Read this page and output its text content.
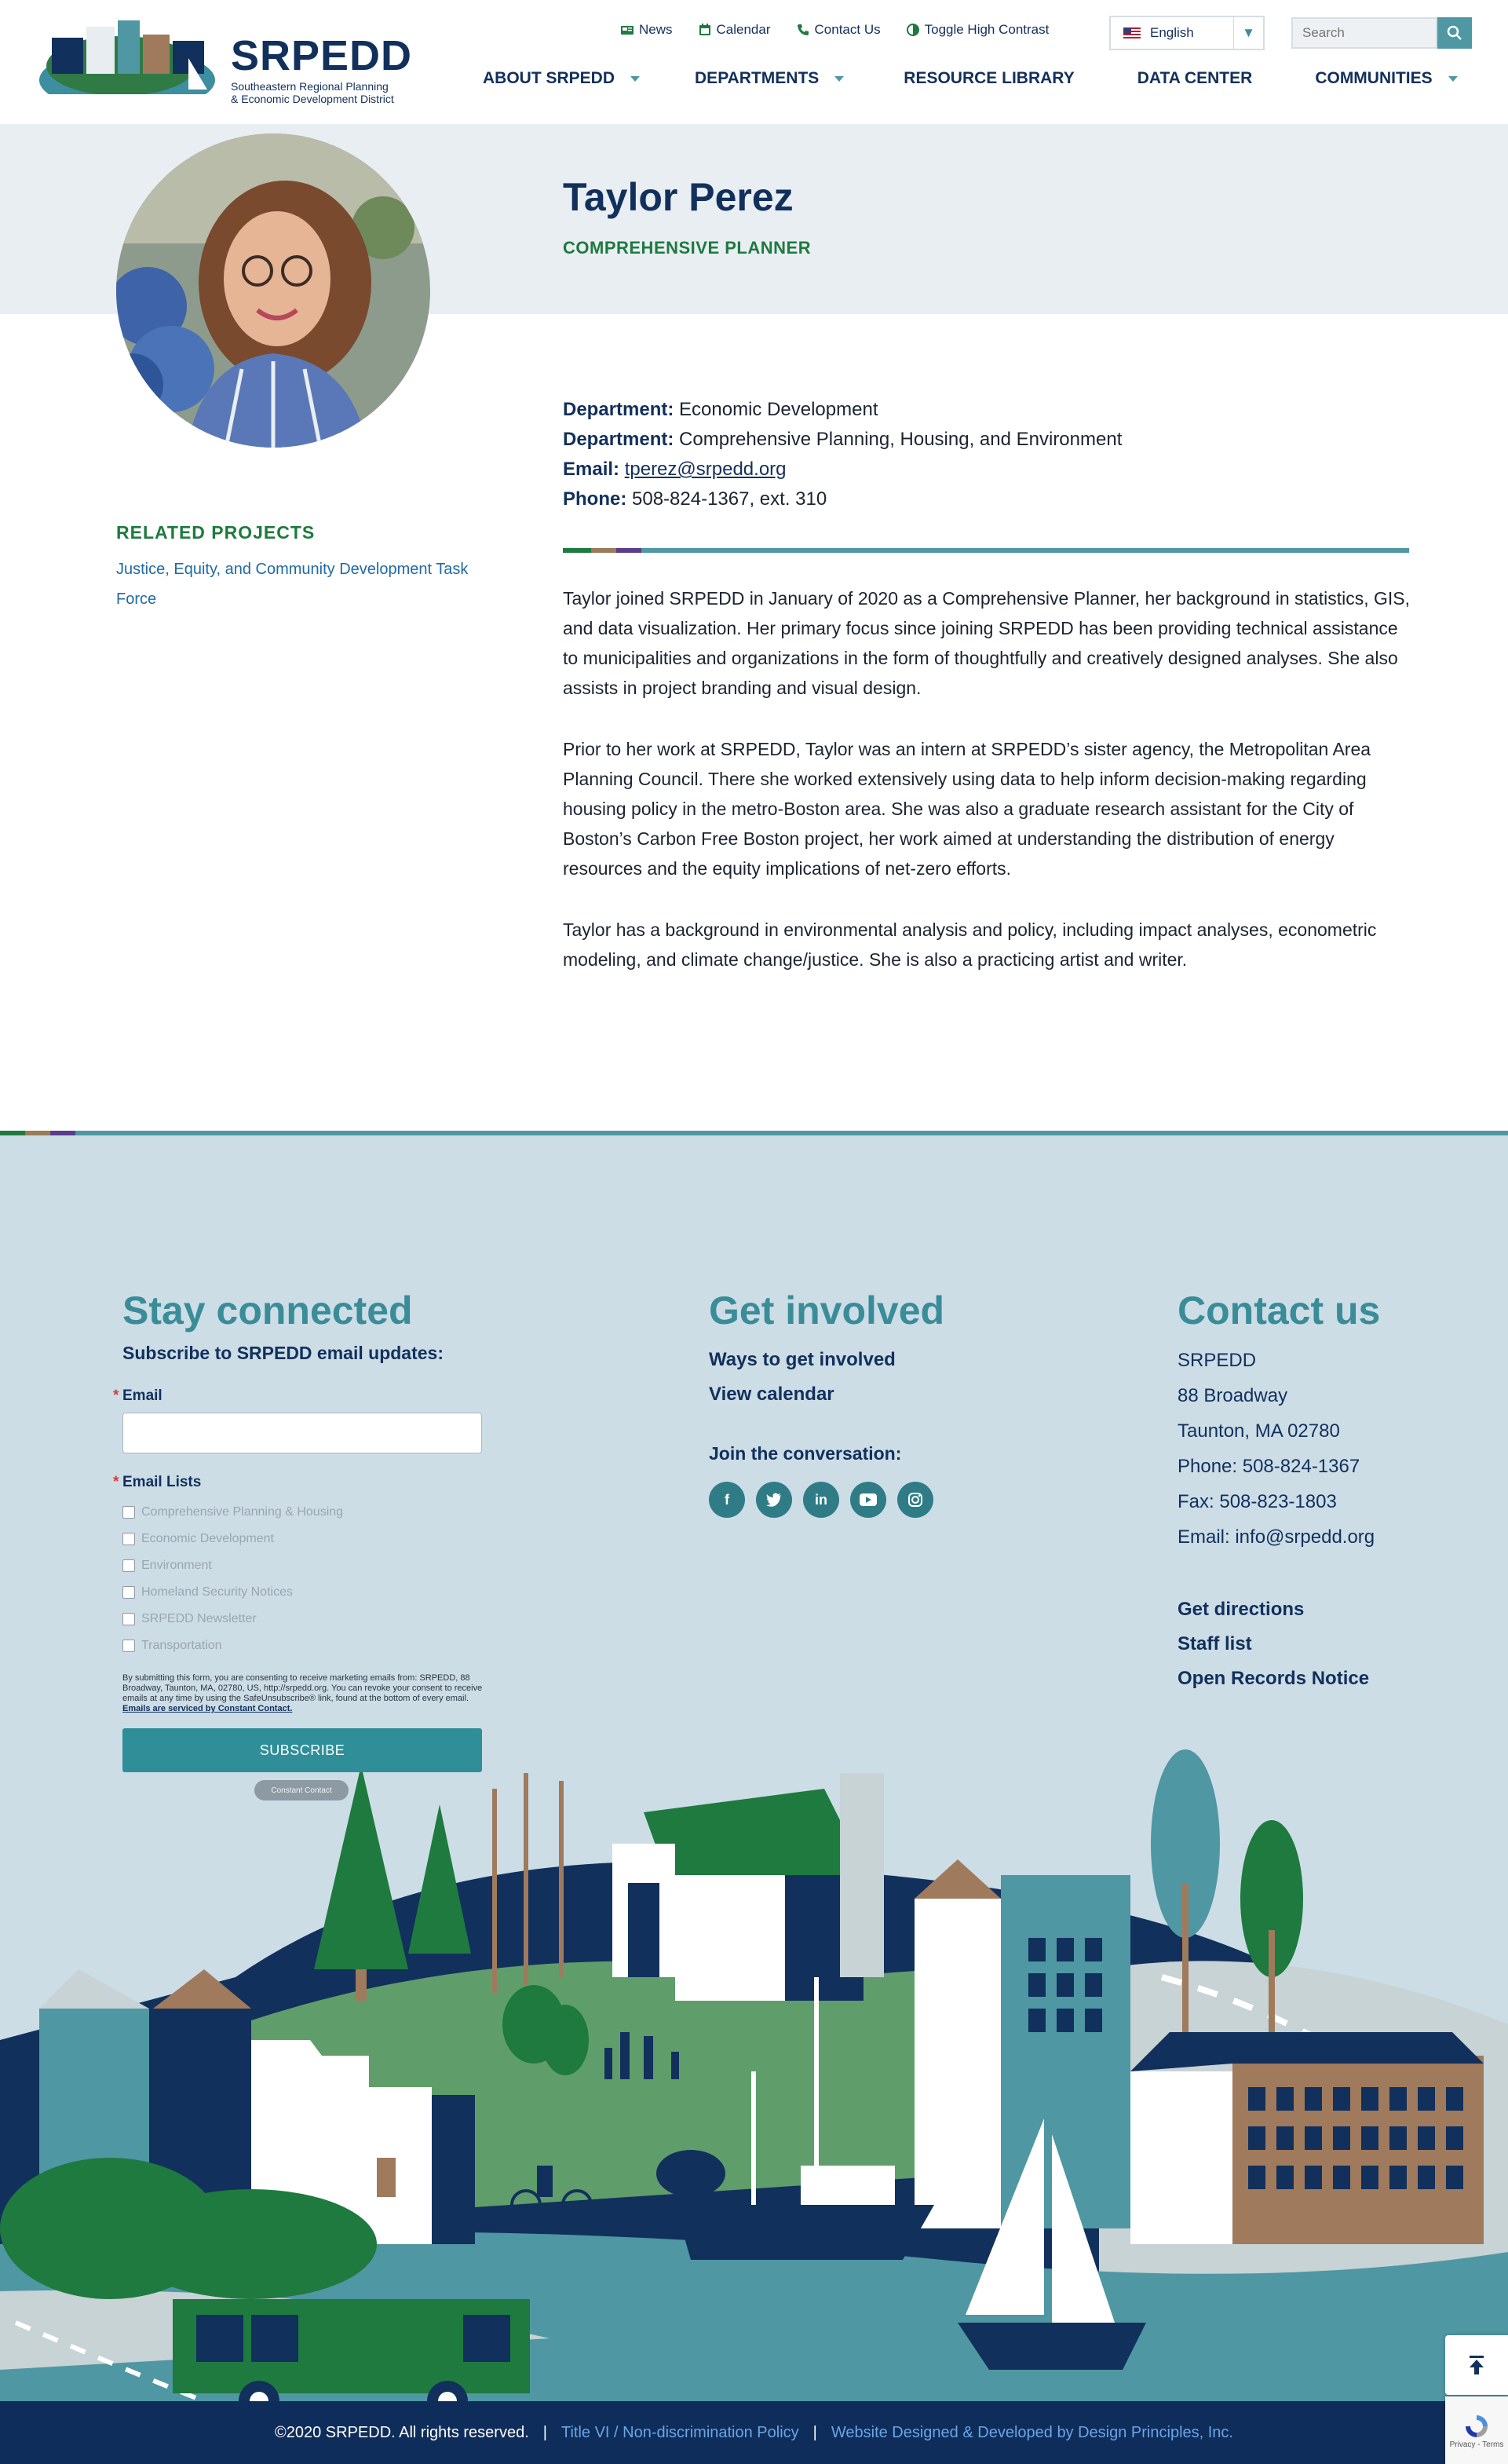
SRPEDD
Southeastern Regional Planning
& Economic Development District
News	Calendar	Contact Us	Toggle High Contrast	English	▼
Search
ABOUT SRPEDD	DEPARTMENTS	RESOURCE LIBRARY	DATA CENTER	COMMUNITIES
Taylor Perez
COMPREHENSIVE PLANNER
Department: Economic Development
Department: Comprehensive Planning, Housing, and Environment
Email: tperez@srpedd.org
Phone: 508-824-1367, ext. 310

Taylor joined SRPEDD in January of 2020 as a Comprehensive Planner, her background in statistics, GIS, and data visualization. Her primary focus since joining SRPEDD has been providing technical assistance to municipalities and organizations in the form of thoughtfully and creatively designed analyses. She also assists in project branding and visual design.

Prior to her work at SRPEDD, Taylor was an intern at SRPEDD’s sister agency, the Metropolitan Area Planning Council. There she worked extensively using data to help inform decision-making regarding housing policy in the metro-Boston area. She was also a graduate research assistant for the City of Boston’s Carbon Free Boston project, her work aimed at understanding the distribution of energy resources and the equity implications of net-zero efforts.

Taylor has a background in environmental analysis and policy, including impact analyses, econometric modeling, and climate change/justice. She is also a practicing artist and writer.

RELATED PROJECTS
Justice, Equity, and Community Development Task Force
Stay connected
Subscribe to SRPEDD email updates:
* Email
* Email Lists
Comprehensive Planning & Housing
Economic Development
Environment
Homeland Security Notices
SRPEDD Newsletter
Transportation
By submitting this form, you are consenting to receive marketing emails from: SRPEDD, 88 Broadway, Taunton, MA, 02780, US, http://srpedd.org. You can revoke your consent to receive emails at any time by using the SafeUnsubscribe® link, found at the bottom of every email. Emails are serviced by Constant Contact.
SUBSCRIBE
Constant Contact
Get involved
Ways to get involved
View calendar
Join the conversation:
f	in
Contact us
SRPEDD
88 Broadway
Taunton, MA 02780
Phone: 508-824-1367
Fax: 508-823-1803
Email: info@srpedd.org
Get directions
Staff list
Open Records Notice
©2020 SRPEDD. All rights reserved. | Title VI / Non-discrimination Policy | Website Designed & Developed by Design Principles, Inc.
Privacy - Terms
